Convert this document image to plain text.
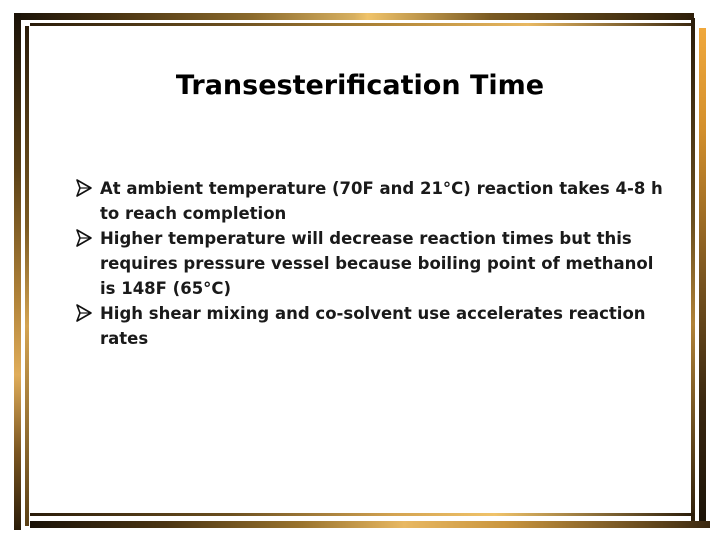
Transesterification Time
At ambient temperature (70F and 21°C) reaction takes 4-8 h to reach completion
Higher temperature will decrease reaction times but this requires pressure vessel because boiling point of methanol is 148F (65°C)
High shear mixing and co-solvent use accelerates reaction rates
